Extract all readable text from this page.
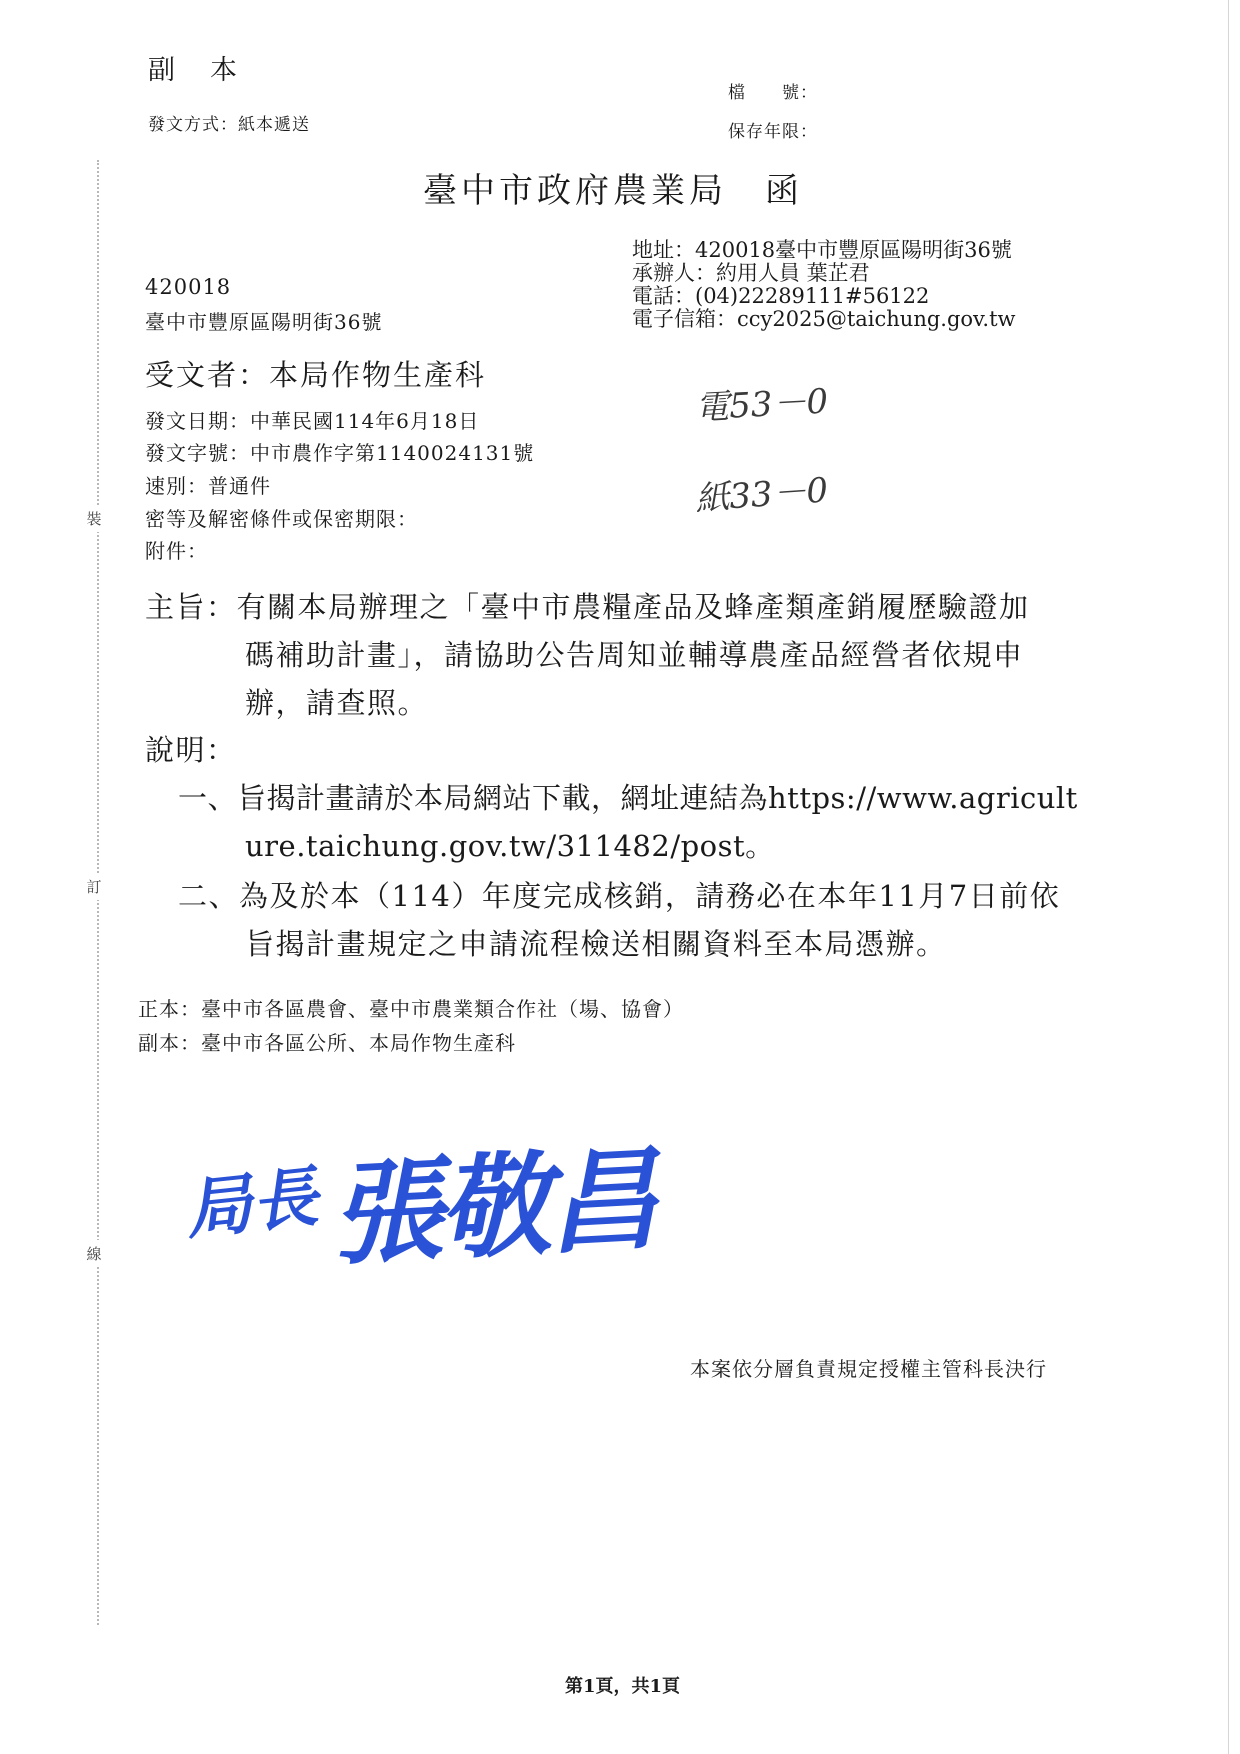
裝
訂
線
副　本
檔　　號：
發文方式：紙本遞送	保存年限：
臺中市政府農業局　函
地址：420018臺中市豐原區陽明街36號
承辦人：約用人員 葉芷君
電話：(04)22289111#56122
電子信箱：ccy2025@taichung.gov.tw
420018
臺中市豐原區陽明街36號
受文者：本局作物生產科
發文日期：中華民國114年6月18日
發文字號：中市農作字第1140024131號
速別：普通件
密等及解密條件或保密期限：
附件：
電53－0
紙33－0
主旨：有關本局辦理之「臺中市農糧產品及蜂產類產銷履歷驗證加
碼補助計畫」，請協助公告周知並輔導農產品經營者依規申
辦，請查照。
說明：
一、旨揭計畫請於本局網站下載，網址連結為https://www.agricult
ure.taichung.gov.tw/311482/post。
二、為及於本（114）年度完成核銷，請務必在本年11月7日前依
旨揭計畫規定之申請流程檢送相關資料至本局憑辦。
正本：臺中市各區農會、臺中市農業類合作社（場、協會）
副本：臺中市各區公所、本局作物生產科
局長 張敬昌
本案依分層負責規定授權主管科長決行
第1頁，共1頁
